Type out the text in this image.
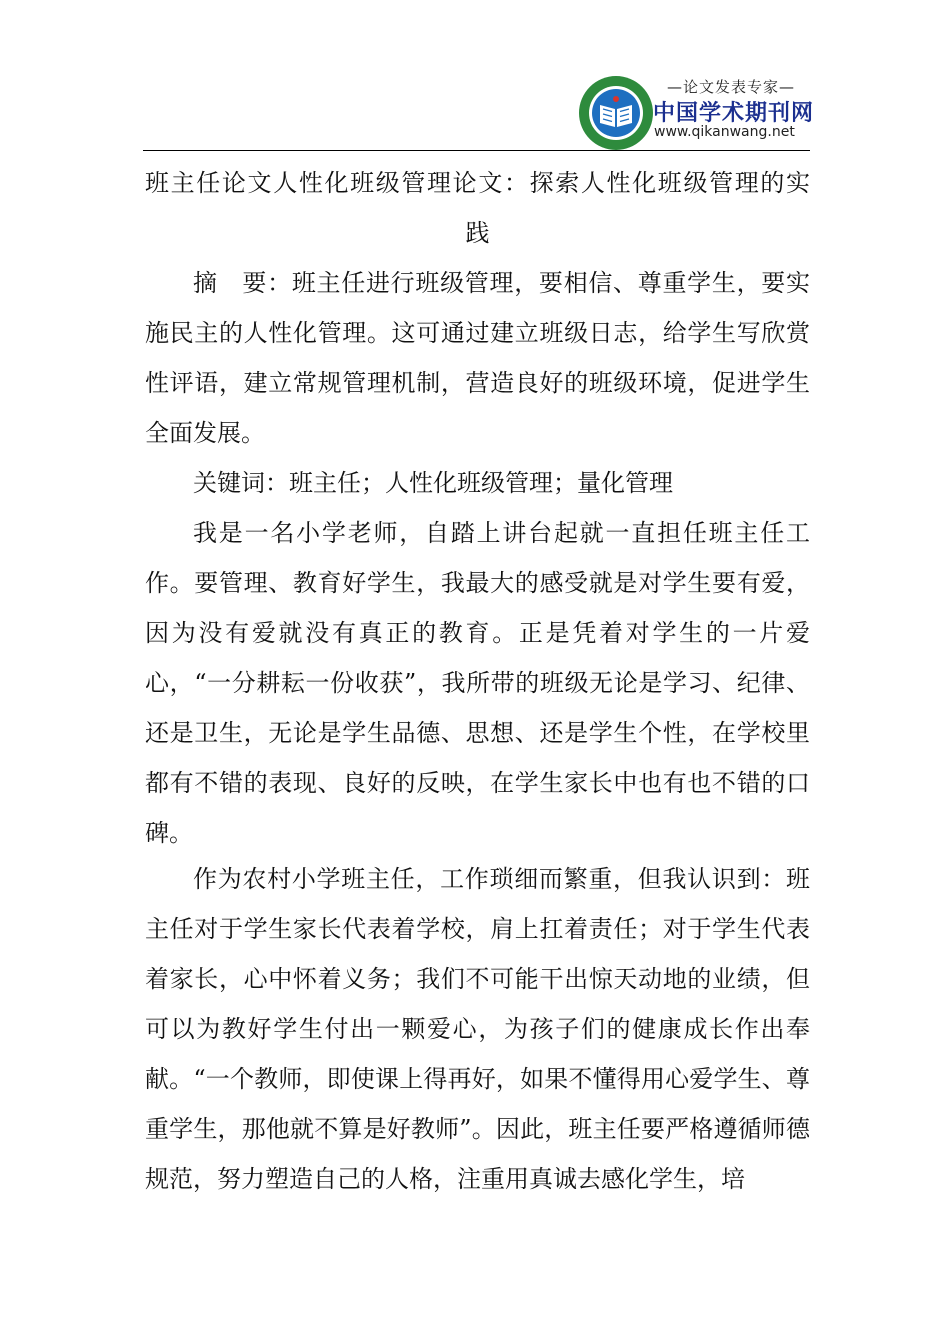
—论文发表专家—
中国学术期刊网
www.qikanwang.net
班主任论文人性化班级管理论文：探索人性化班级管理的实
践

摘　要：班主任进行班级管理，要相信、尊重学生，要实施民主的人性化管理。这可通过建立班级日志，给学生写欣赏性评语，建立常规管理机制，营造良好的班级环境，促进学生全面发展。

关键词：班主任；人性化班级管理；量化管理

我是一名小学老师，自踏上讲台起就一直担任班主任工作。要管理、教育好学生，我最大的感受就是对学生要有爱，因为没有爱就没有真正的教育。正是凭着对学生的一片爱心，“一分耕耘一份收获”，我所带的班级无论是学习、纪律、还是卫生，无论是学生品德、思想、还是学生个性，在学校里都有不错的表现、良好的反映，在学生家长中也有也不错的口碑。

作为农村小学班主任，工作琐细而繁重，但我认识到：班主任对于学生家长代表着学校，肩上扛着责任；对于学生代表着家长，心中怀着义务；我们不可能干出惊天动地的业绩，但可以为教好学生付出一颗爱心，为孩子们的健康成长作出奉献。“一个教师，即使课上得再好，如果不懂得用心爱学生、尊重学生，那他就不算是好教师”。因此，班主任要严格遵循师德规范，努力塑造自己的人格，注重用真诚去感化学生，培
